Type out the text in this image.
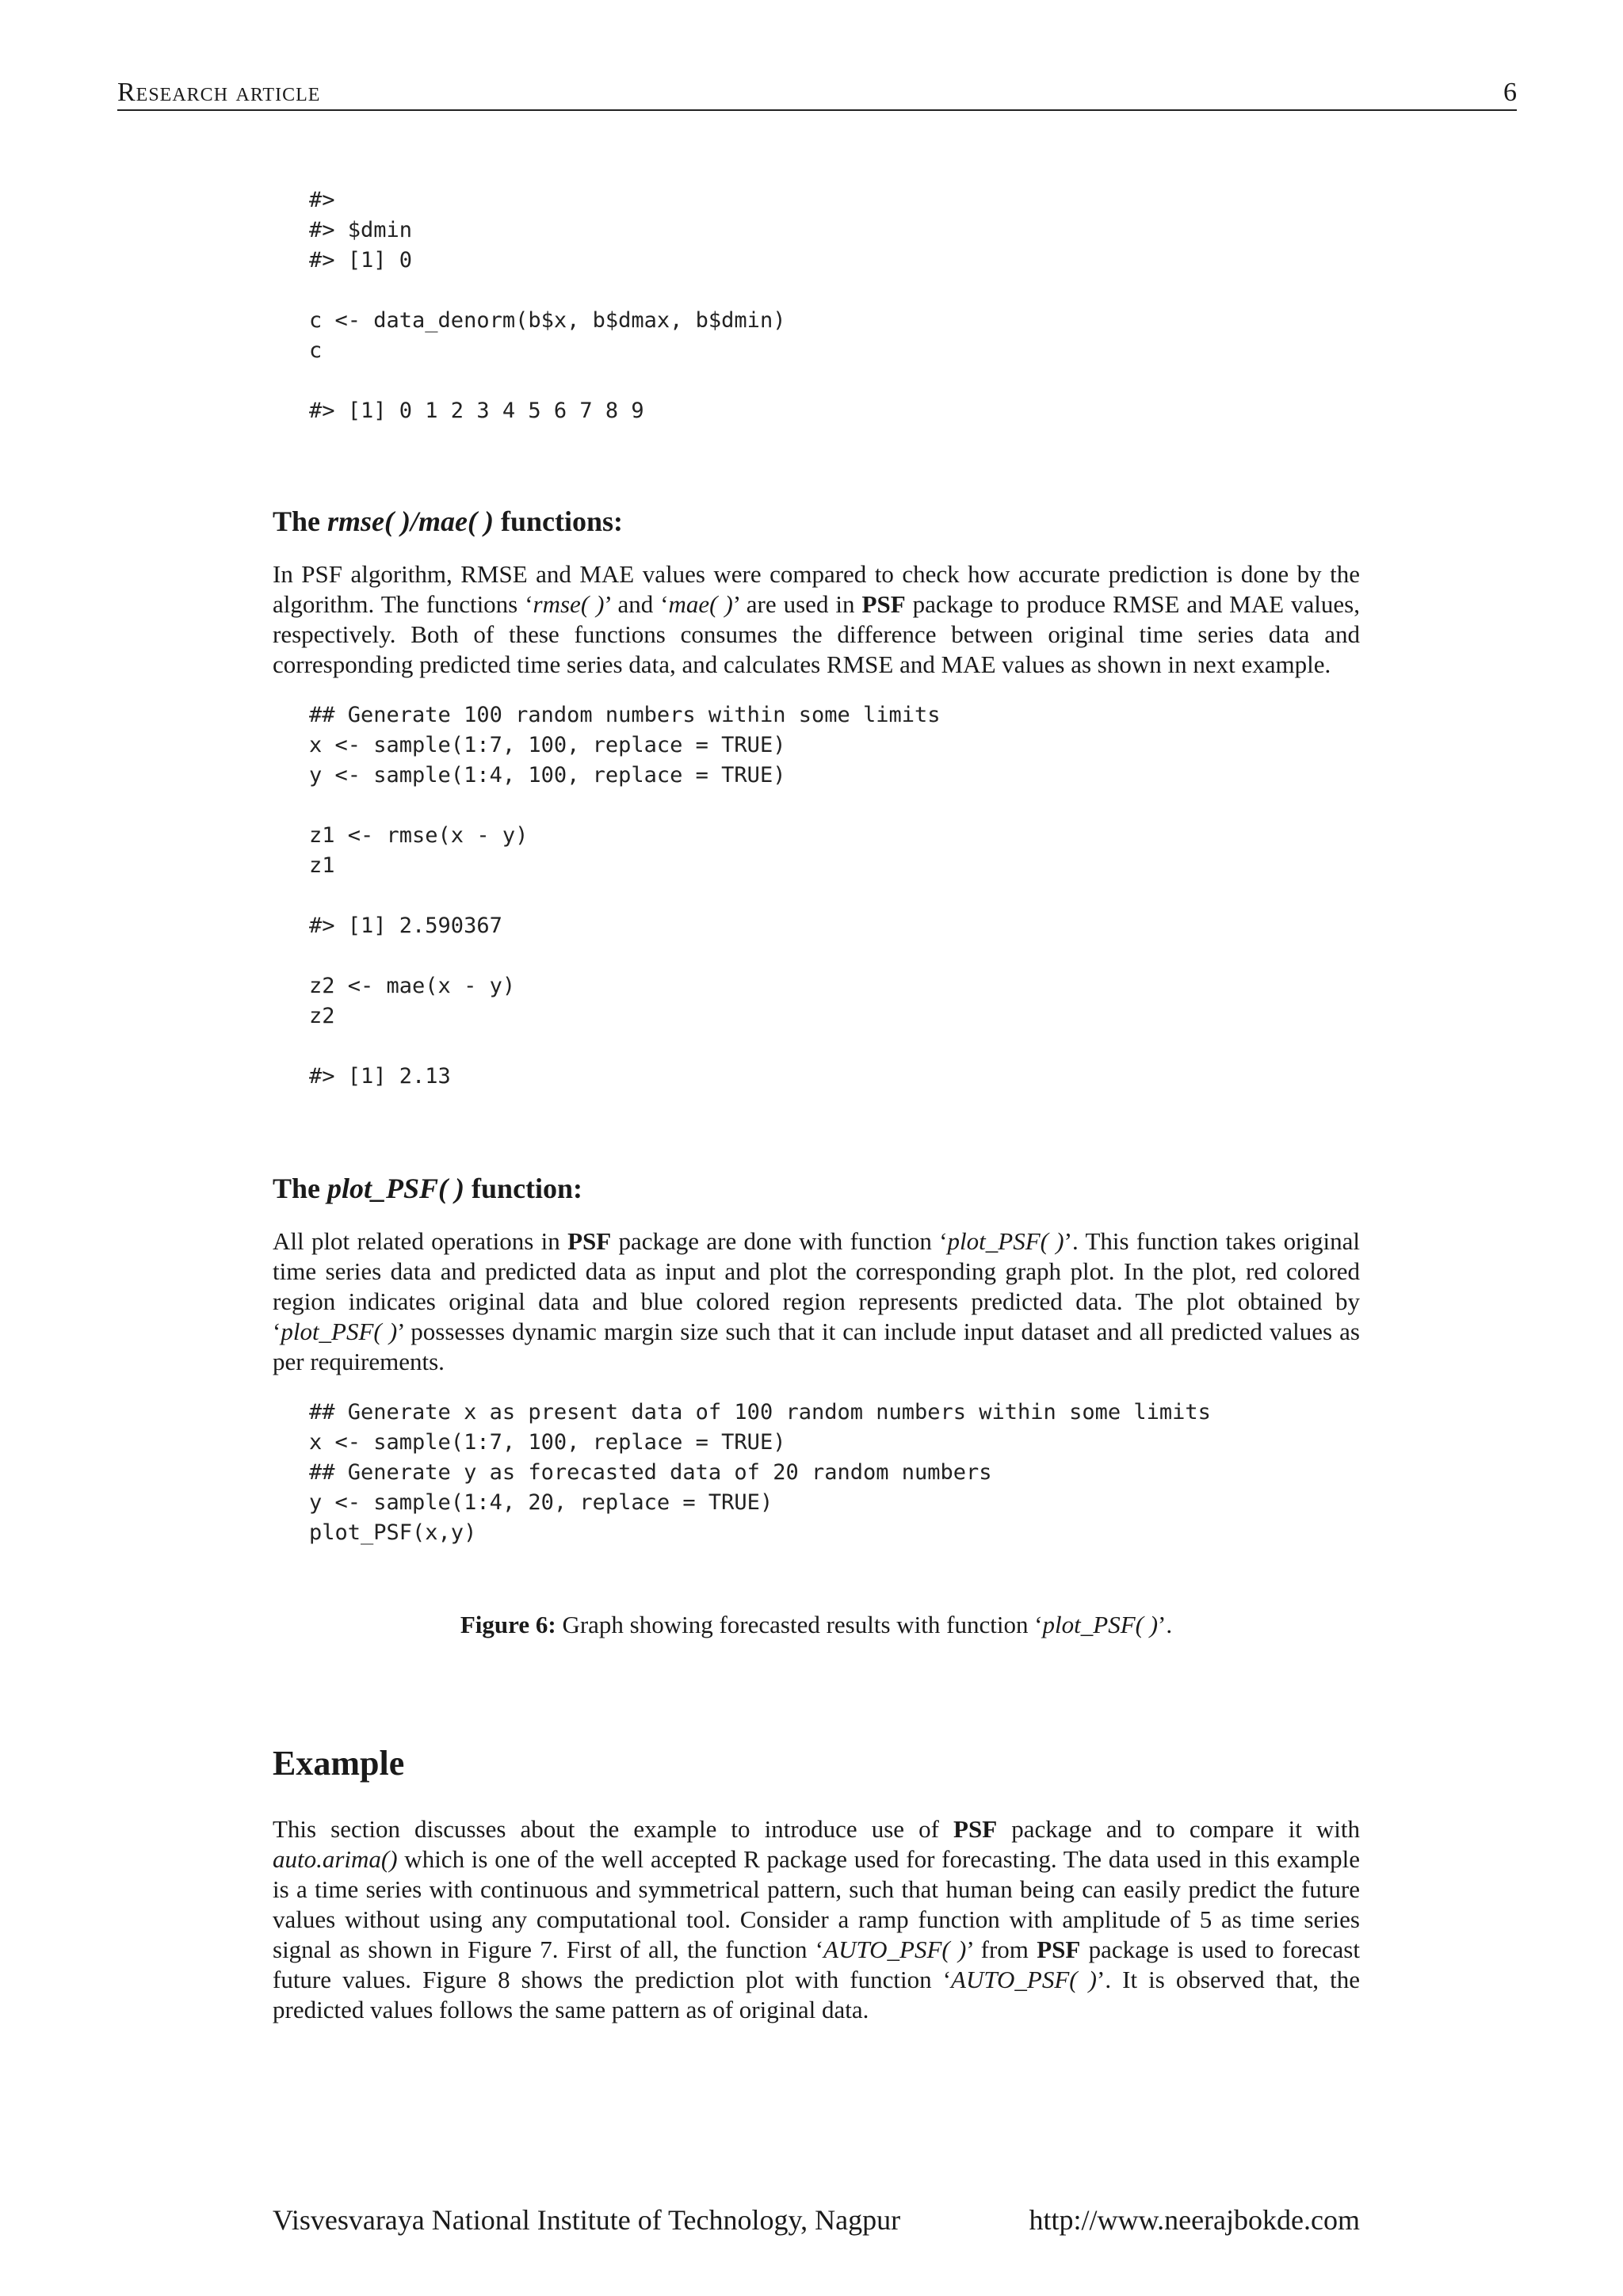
Research article	6
#>
#> $dmin
#> [1] 0
c <- data_denorm(b$x, b$dmax, b$dmin)
c
#> [1] 0 1 2 3 4 5 6 7 8 9
The rmse( )/mae( ) functions:

In PSF algorithm, RMSE and MAE values were compared to check how accurate prediction is done by the algorithm. The functions ‘rmse( )’ and ‘mae( )’ are used in PSF package to produce RMSE and MAE values, respectively. Both of these functions consumes the difference between original time series data and corresponding predicted time series data, and calculates RMSE and MAE values as shown in next example.

## Generate 100 random numbers within some limits
x <- sample(1:7, 100, replace = TRUE)
y <- sample(1:4, 100, replace = TRUE)
z1 <- rmse(x - y)
z1
#> [1] 2.590367
z2 <- mae(x - y)
z2
#> [1] 2.13
The plot_PSF( ) function:

All plot related operations in PSF package are done with function ‘plot_PSF( )’. This function takes original time series data and predicted data as input and plot the corresponding graph plot. In the plot, red colored region indicates original data and blue colored region represents predicted data. The plot obtained by ‘plot_PSF( )’ possesses dynamic margin size such that it can include input dataset and all predicted values as per requirements.

## Generate x as present data of 100 random numbers within some limits
x <- sample(1:7, 100, replace = TRUE)
## Generate y as forecasted data of 20 random numbers
y <- sample(1:4, 20, replace = TRUE)
plot_PSF(x,y)

Figure 6: Graph showing forecasted results with function ‘plot_PSF( )’.

Example

This section discusses about the example to introduce use of PSF package and to compare it with auto.arima() which is one of the well accepted R package used for forecasting. The data used in this example is a time series with continuous and symmetrical pattern, such that human being can easily predict the future values without using any computational tool. Consider a ramp function with amplitude of 5 as time series signal as shown in Figure 7. First of all, the function ‘AUTO_PSF( )’ from PSF package is used to forecast future values. Figure 8 shows the prediction plot with function ‘AUTO_PSF( )’. It is observed that, the predicted values follows the same pattern as of original data.

Visvesvaraya National Institute of Technology, Nagpur	http://www.neerajbokde.com
